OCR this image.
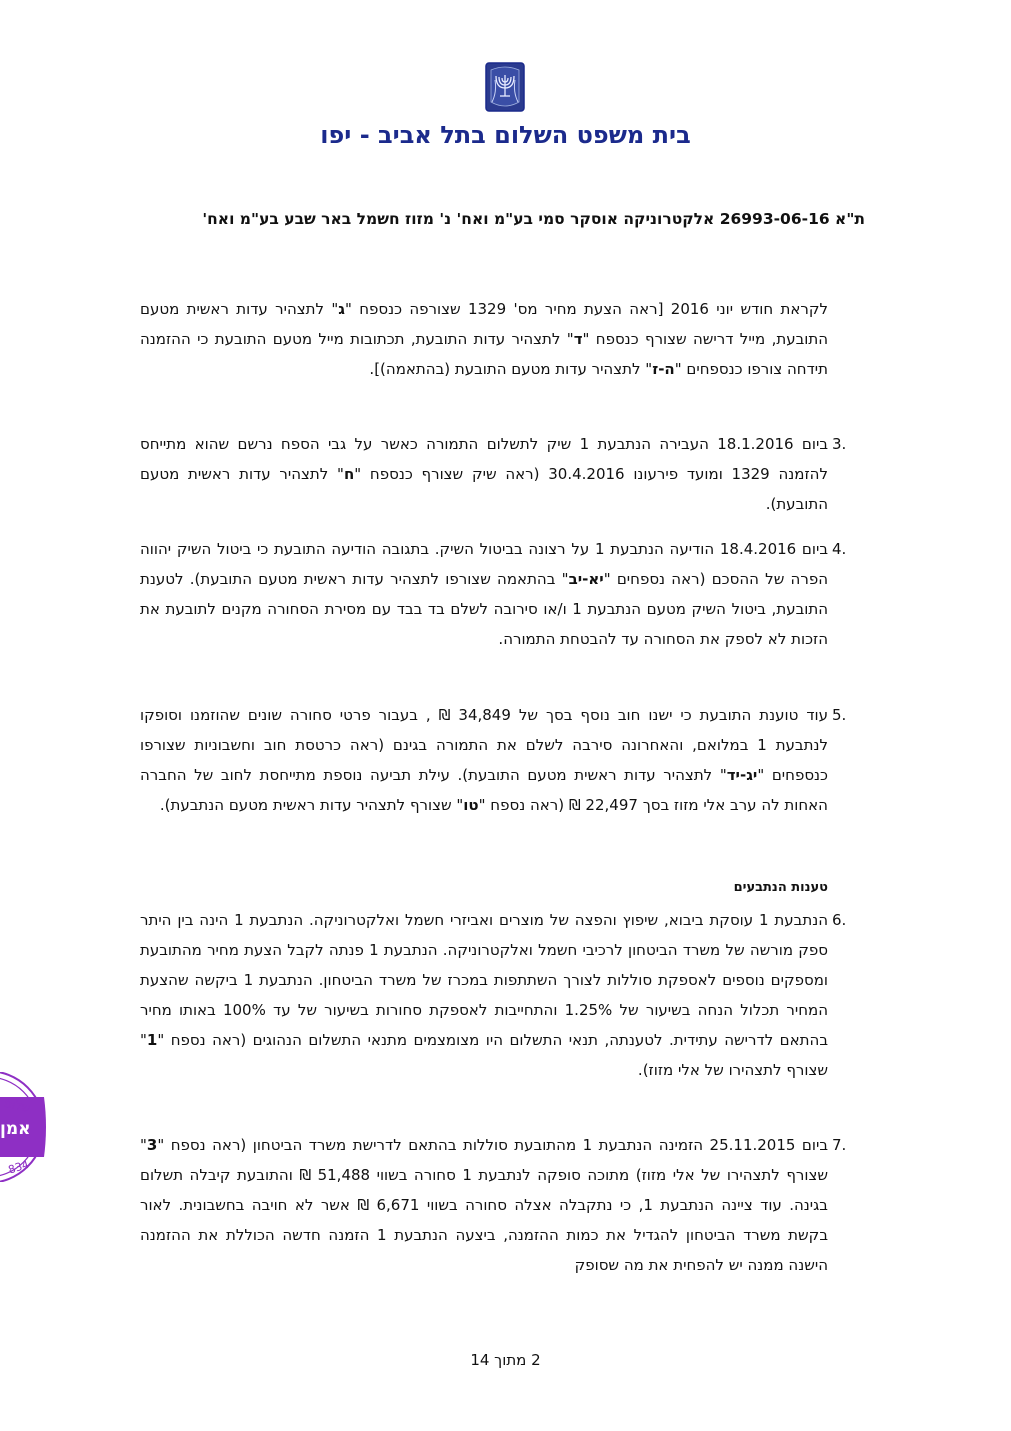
בית משפט השלום בתל אביב - יפו
ת"א 26993-06-16 אלקטרוניקה אוסקר סמי בע"מ ואח' נ' מזוז חשמל באר שבע בע"מ ואח'

לקראת חודש יוני 2016 [ראה הצעת מחיר מס' 1329 שצורפה כנספח "ג" לתצהיר עדות ראשית מטעם התובעת, מייל דרישה שצורף כנספח "ד" לתצהיר עדות התובעת, תכתובות מייל מטעם התובעת כי ההזמנה תידחה צורפו כנספחים "ה-ז" לתצהיר עדות מטעם התובעת (בהתאמה)].

3.

ביום 18.1.2016 העבירה הנתבעת 1 שיק לתשלום התמורה כאשר על גבי הספח נרשם שהוא מתייחס להזמנה 1329 ומועד פירעונו 30.4.2016 (ראה שיק שצורף כנספח "ח" לתצהיר עדות ראשית מטעם התובעת).

4.

ביום 18.4.2016 הודיעה הנתבעת 1 על רצונה בביטול השיק. בתגובה הודיעה התובעת כי ביטול השיק יהווה הפרה של ההסכם (ראה נספחים "יא-יב" בהתאמה שצורפו לתצהיר עדות ראשית מטעם התובעת). לטענת התובעת, ביטול השיק מטעם הנתבעת 1 ו/או סירובה לשלם בד בבד עם מסירת הסחורה מקנים לתובעת את הזכות לא לספק את הסחורה עד להבטחת התמורה.

5.

עוד טוענת התובעת כי ישנו חוב נוסף בסך של 34,849 ₪ , בעבור פרטי סחורה שונים שהוזמנו וסופקו לנתבעת 1 במלואם, והאחרונה סירבה לשלם את התמורה בגינם (ראה כרטסת חוב וחשבוניות שצורפו כנספחים "יג-יד" לתצהיר עדות ראשית מטעם התובעת). עילת תביעה נוספת מתייחסת לחוב של החברה האחות לה ערב אלי מזוז בסך 22,497 ₪ (ראה נספח "טו" שצורף לתצהיר עדות ראשית מטעם הנתבעת).

טענות הנתבעים
6.

הנתבעת 1 עוסקת ביבוא, שיפוץ והפצה של מוצרים ואביזרי חשמל ואלקטרוניקה. הנתבעת 1 הינה בין היתר ספק מורשה של משרד הביטחון לרכיבי חשמל ואלקטרוניקה. הנתבעת 1 פנתה לקבל הצעת מחיר מהתובעת ומספקים נוספים לאספקת סוללות לצורך השתתפות במכרז של משרד הביטחון. הנתבעת 1 ביקשה שהצעת המחיר תכלול הנחה בשיעור של 1.25% והתחייבות לאספקת סחורות בשיעור של עד 100% באותו מחיר בהתאם לדרישה עתידית. לטענתה, תנאי התשלום היו מצומצמים מתנאי התשלום הנהוגים (ראה נספח "1" שצורף לתצהירו של אלי מזוז).

7.

ביום 25.11.2015 הזמינה הנתבעת 1 מהתובעת סוללות בהתאם לדרישת משרד הביטחון (ראה נספח "3" שצורף לתצהירו של אלי מזוז) מתוכה סופקה לנתבעת 1 סחורה בשווי 51,488 ₪ והתובעת קיבלה תשלום בגינה. עוד ציינה הנתבעת 1, כי נתקבלה אצלה סחורה בשווי 6,671 ₪ אשר לא חויבה בחשבונית. לאור בקשת משרד הביטחון להגדיל את כמות ההזמנה, ביצעה הנתבעת 1 הזמנה חדשה הכוללת את ההזמנה הישנה ממנה יש להפחית את מה שסופק

2 מתוך 14
שלום
אמן
834
